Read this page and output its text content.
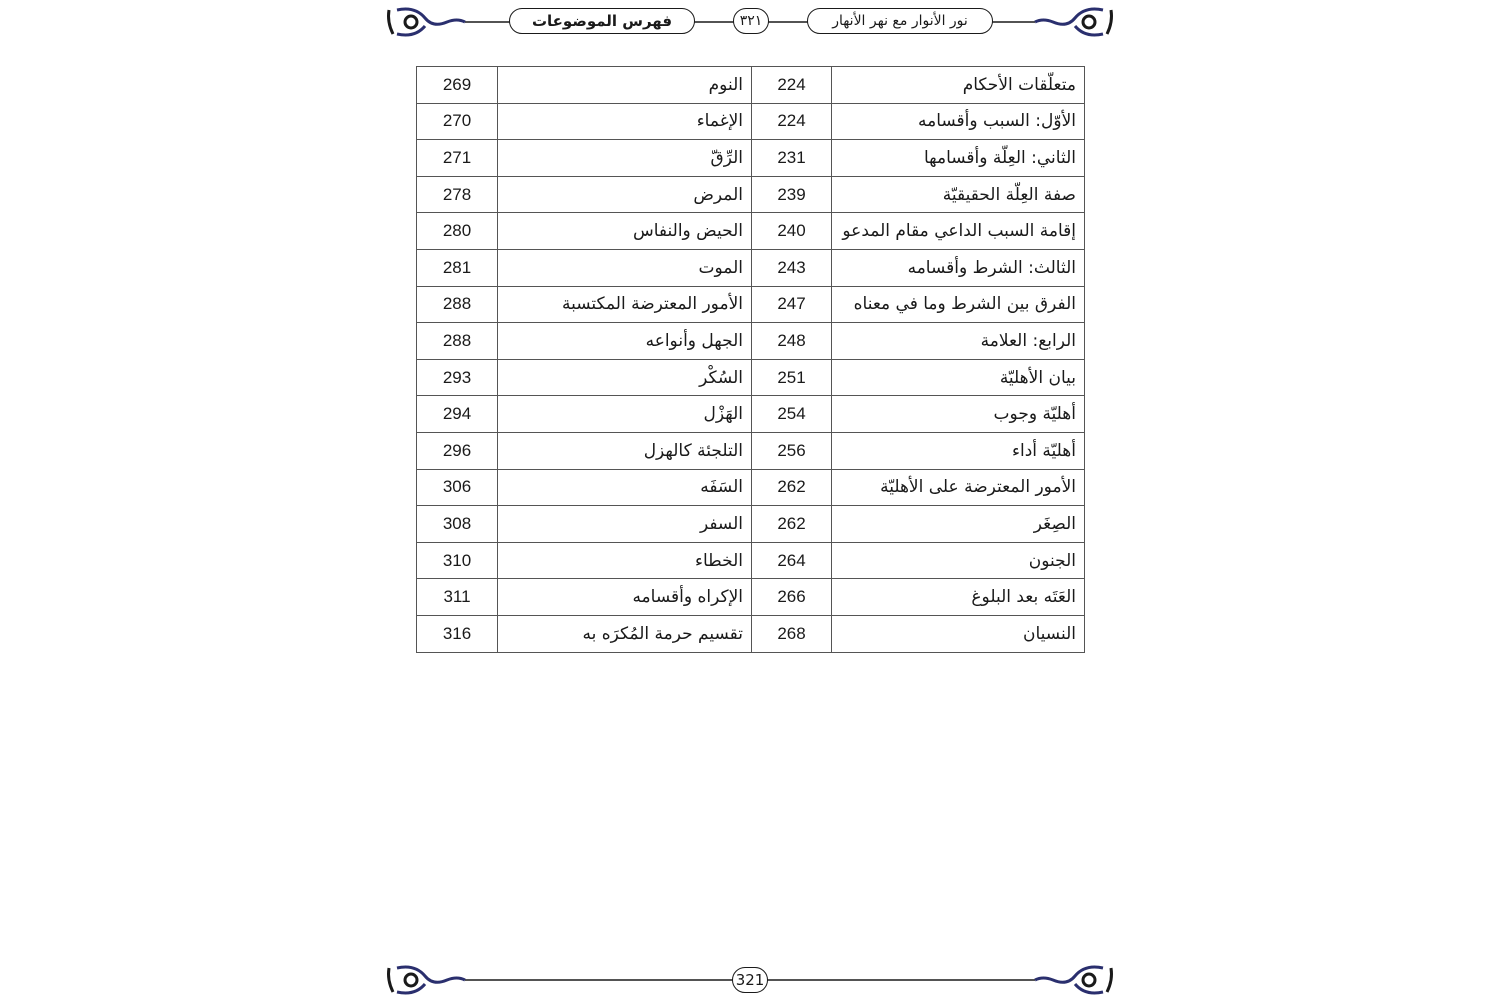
نور الأنوار مع نهر الأنهار
٣٢١
فهرس الموضوعات
متعلّقات الأحكام	224	النوم	269
الأوّل: السبب وأقسامه	224	الإغماء	270
الثاني: العِلّة وأقسامها	231	الرِّقّ	271
صفة العِلّة الحقيقيّة	239	المرض	278
إقامة السبب الداعي مقام المدعو	240	الحيض والنفاس	280
الثالث: الشرط وأقسامه	243	الموت	281
الفرق بين الشرط وما في معناه	247	الأمور المعترضة المكتسبة	288
الرابع: العلامة	248	الجهل وأنواعه	288
بيان الأهليّة	251	السُكْر	293
أهليّة وجوب	254	الهَزْل	294
أهليّة أداء	256	التلجئة كالهزل	296
الأمور المعترضة على الأهليّة	262	السَفَه	306
الصِغَر	262	السفر	308
الجنون	264	الخطاء	310
العَتَه بعد البلوغ	266	الإكراه وأقسامه	311
النسيان	268	تقسيم حرمة المُكرَه به	316
321
